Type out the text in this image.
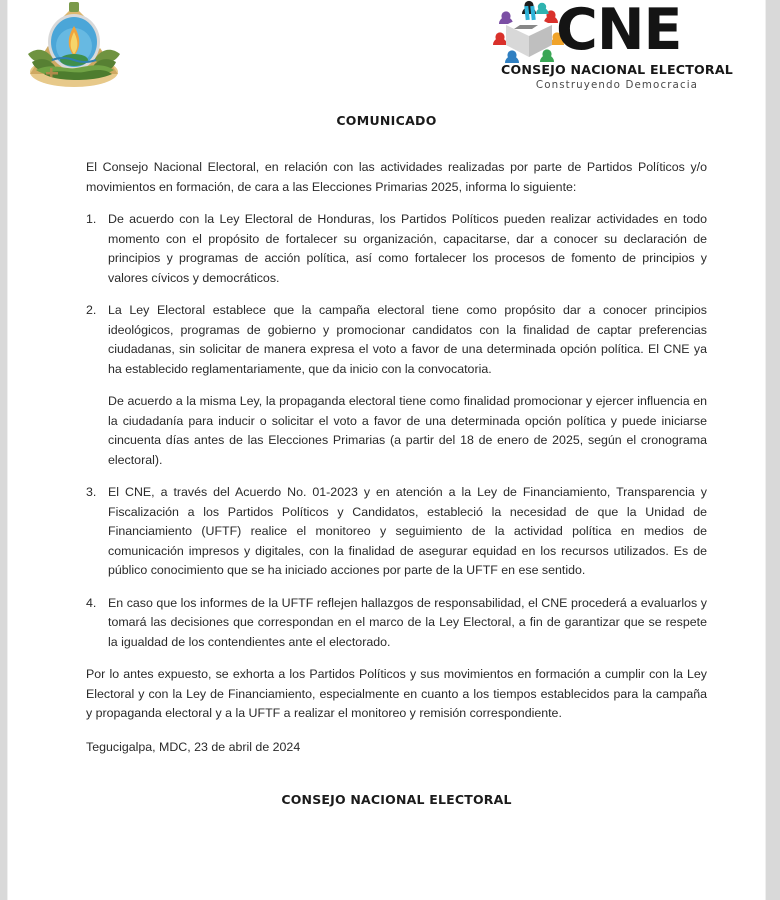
CNE
CONSEJO NACIONAL ELECTORAL
Construyendo Democracia
COMUNICADO

El Consejo Nacional Electoral, en relación con las actividades realizadas por parte de Partidos Políticos y/o movimientos en formación, de cara a las Elecciones Primarias 2025, informa lo siguiente:

1. De acuerdo con la Ley Electoral de Honduras, los Partidos Políticos pueden realizar actividades en todo momento con el propósito de fortalecer su organización, capacitarse, dar a conocer su declaración de principios y programas de acción política, así como fortalecer los procesos de fomento de principios y valores cívicos y democráticos.
2. La Ley Electoral establece que la campaña electoral tiene como propósito dar a conocer principios ideológicos, programas de gobierno y promocionar candidatos con la finalidad de captar preferencias ciudadanas, sin solicitar de manera expresa el voto a favor de una determinada opción política. El CNE ya ha establecido reglamentariamente, que da inicio con la convocatoria.

De acuerdo a la misma Ley, la propaganda electoral tiene como finalidad promocionar y ejercer influencia en la ciudadanía para inducir o solicitar el voto a favor de una determinada opción política y puede iniciarse cincuenta días antes de las Elecciones Primarias (a partir del 18 de enero de 2025, según el cronograma electoral).

3. El CNE, a través del Acuerdo No. 01-2023 y en atención a la Ley de Financiamiento, Transparencia y Fiscalización a los Partidos Políticos y Candidatos, estableció la necesidad de que la Unidad de Financiamiento (UFTF) realice el monitoreo y seguimiento de la actividad política en medios de comunicación impresos y digitales, con la finalidad de asegurar equidad en los recursos utilizados. Es de público conocimiento que se ha iniciado acciones por parte de la UFTF en ese sentido.
4. En caso que los informes de la UFTF reflejen hallazgos de responsabilidad, el CNE procederá a evaluarlos y tomará las decisiones que correspondan en el marco de la Ley Electoral, a fin de garantizar que se respete la igualdad de los contendientes ante el electorado.

Por lo antes expuesto, se exhorta a los Partidos Políticos y sus movimientos en formación a cumplir con la Ley Electoral y con la Ley de Financiamiento, especialmente en cuanto a los tiempos establecidos para la campaña y propaganda electoral y a la UFTF a realizar el monitoreo y remisión correspondiente.

Tegucigalpa, MDC, 23 de abril de 2024

CONSEJO NACIONAL ELECTORAL
